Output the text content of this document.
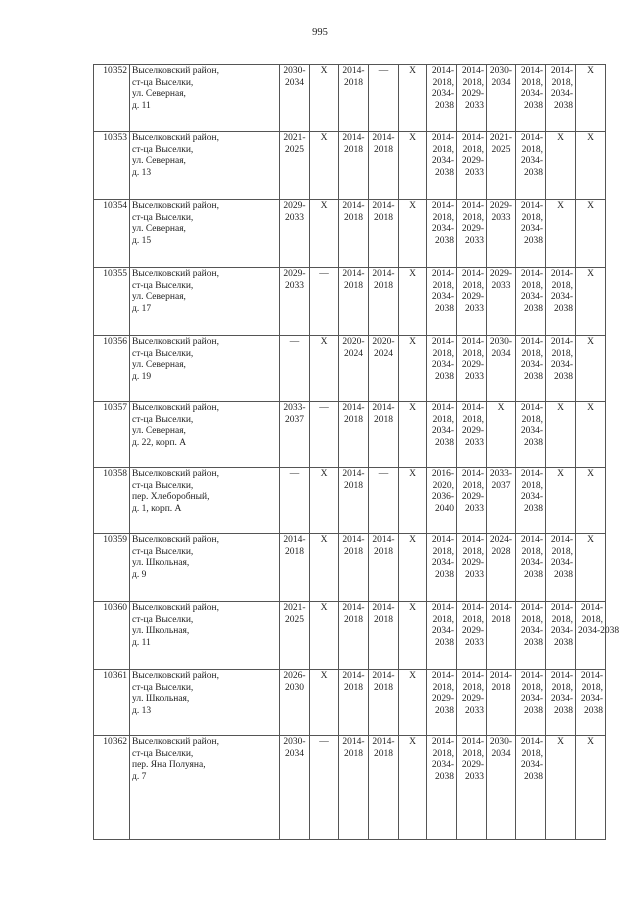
995
10352	Выселковский район,
ст-ца Выселки,
ул. Северная,
д. 11	2030-
2034	X	2014-
2018	—	X	2014-
2018,
2034-
2038	2014-
2018,
2029-
2033	2030-
2034	2014-
2018,
2034-
2038	2014-
2018,
2034-
2038	X

10353	Выселковский район,
ст-ца Выселки,
ул. Северная,
д. 13	2021-
2025	X	2014-
2018	2014-
2018	X	2014-
2018,
2034-
2038	2014-
2018,
2029-
2033	2021-
2025	2014-
2018,
2034-
2038	X	X

10354	Выселковский район,
ст-ца Выселки,
ул. Северная,
д. 15	2029-
2033	X	2014-
2018	2014-
2018	X	2014-
2018,
2034-
2038	2014-
2018,
2029-
2033	2029-
2033	2014-
2018,
2034-
2038	X	X

10355	Выселковский район,
ст-ца Выселки,
ул. Северная,
д. 17	2029-
2033	—	2014-
2018	2014-
2018	X	2014-
2018,
2034-
2038	2014-
2018,
2029-
2033	2029-
2033	2014-
2018,
2034-
2038	2014-
2018,
2034-
2038	X

10356	Выселковский район,
ст-ца Выселки,
ул. Северная,
д. 19	—	X	2020-
2024	2020-
2024	X	2014-
2018,
2034-
2038	2014-
2018,
2029-
2033	2030-
2034	2014-
2018,
2034-
2038	2014-
2018,
2034-
2038	X

10357	Выселковский район,
ст-ца Выселки,
ул. Северная,
д. 22, корп. А	2033-
2037	—	2014-
2018	2014-
2018	X	2014-
2018,
2034-
2038	2014-
2018,
2029-
2033	X	2014-
2018,
2034-
2038	X	X

10358	Выселковский район,
ст-ца Выселки,
пер. Хлеборобный,
д. 1, корп. А	—	X	2014-
2018	—	X	2016-
2020,
2036-
2040	2014-
2018,
2029-
2033	2033-
2037	2014-
2018,
2034-
2038	X	X

10359	Выселковский район,
ст-ца Выселки,
ул. Школьная,
д. 9	2014-
2018	X	2014-
2018	2014-
2018	X	2014-
2018,
2034-
2038	2014-
2018,
2029-
2033	2024-
2028	2014-
2018,
2034-
2038	2014-
2018,
2034-
2038	X

10360	Выселковский район,
ст-ца Выселки,
ул. Школьная,
д. 11	2021-
2025	X	2014-
2018	2014-
2018	X	2014-
2018,
2034-
2038	2014-
2018,
2029-
2033	2014-
2018	2014-
2018,
2034-
2038	2014-
2018,
2034-
2038	2014-
2018,
2034-2038

10361	Выселковский район,
ст-ца Выселки,
ул. Школьная,
д. 13	2026-
2030	X	2014-
2018	2014-
2018	X	2014-
2018,
2029-
2038	2014-
2018,
2029-
2033	2014-
2018	2014-
2018,
2034-
2038	2014-
2018,
2034-
2038	2014-
2018,
2034-
2038

10362	Выселковский район,
ст-ца Выселки,
пер. Яна Полуяна,
д. 7	2030-
2034	—	2014-
2018	2014-
2018	X	2014-
2018,
2034-
2038	2014-
2018,
2029-
2033	2030-
2034	2014-
2018,
2034-
2038	X	X
